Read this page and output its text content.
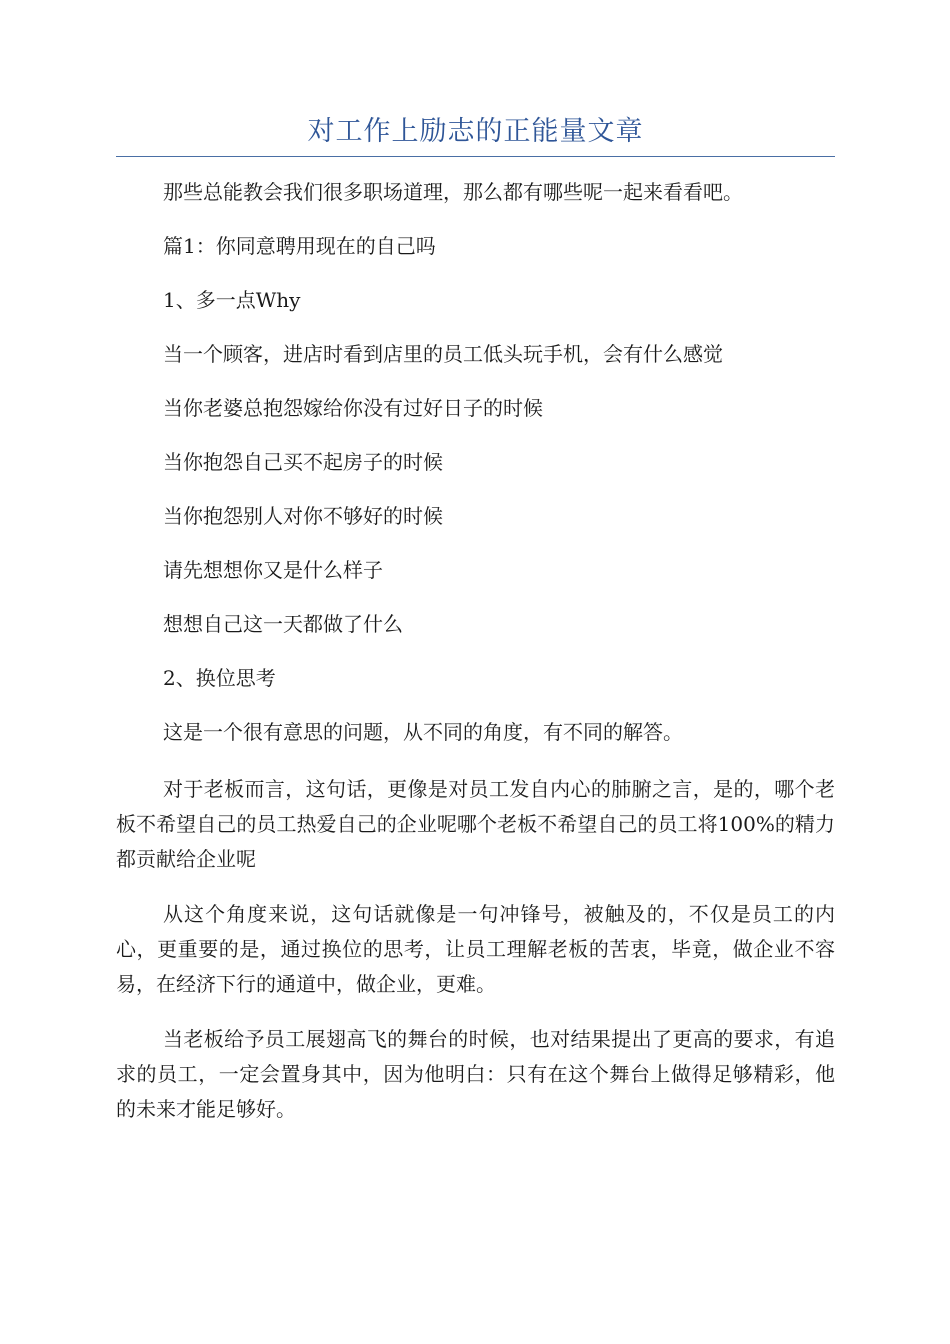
对工作上励志的正能量文章

那些总能教会我们很多职场道理，那么都有哪些呢一起来看看吧。

篇1：你同意聘用现在的自己吗

1、多一点Why

当一个顾客，进店时看到店里的员工低头玩手机，会有什么感觉

当你老婆总抱怨嫁给你没有过好日子的时候

当你抱怨自己买不起房子的时候

当你抱怨别人对你不够好的时候

请先想想你又是什么样子

想想自己这一天都做了什么

2、换位思考

这是一个很有意思的问题，从不同的角度，有不同的解答。

对于老板而言，这句话，更像是对员工发自内心的肺腑之言，是的，哪个老板不希望自己的员工热爱自己的企业呢哪个老板不希望自己的员工将100%的精力都贡献给企业呢

从这个角度来说，这句话就像是一句冲锋号，被触及的，不仅是员工的内心，更重要的是，通过换位的思考，让员工理解老板的苦衷，毕竟，做企业不容易，在经济下行的通道中，做企业，更难。

当老板给予员工展翅高飞的舞台的时候，也对结果提出了更高的要求，有追求的员工，一定会置身其中，因为他明白：只有在这个舞台上做得足够精彩，他的未来才能足够好。
